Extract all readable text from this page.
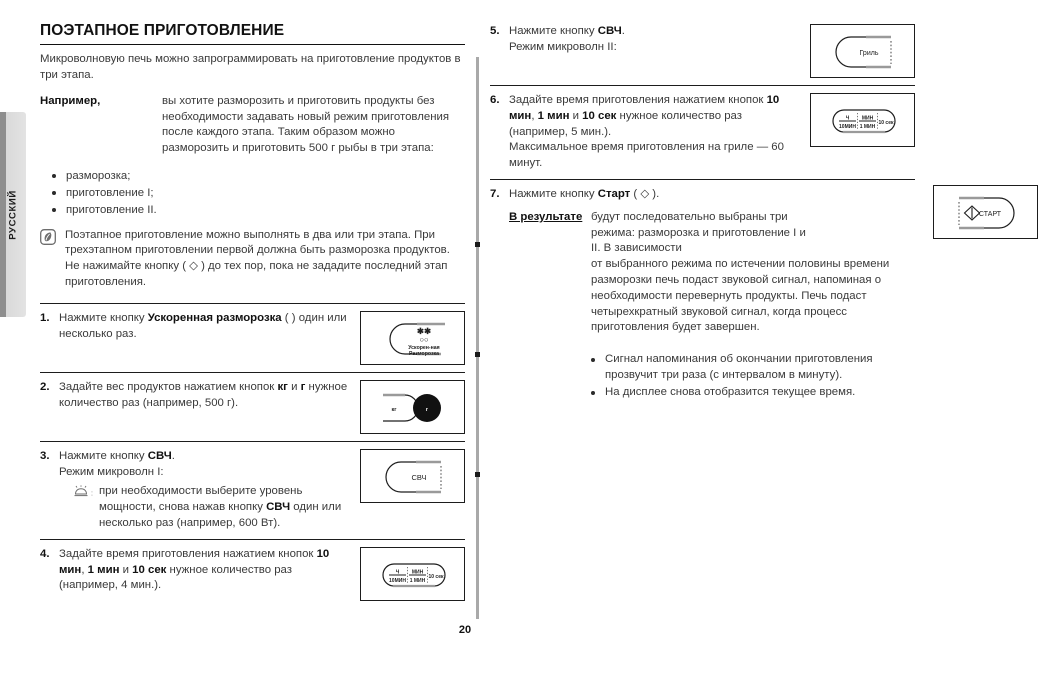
РУССКИЙ
ПОЭТАПНОЕ ПРИГОТОВЛЕНИЕ

Микроволновую печь можно запрограммировать на приготовление продуктов в три этапа.

Например,	вы хотите разморозить и приготовить продукты без необходимости задавать новый режим приготовления после каждого этапа. Таким образом можно разморозить и приготовить 500 г рыбы в три этапа:
разморозка;
приготовление I;
приготовление II.
Поэтапное приготовление можно выполнять в два или три этапа. При трехэтапном приготовлении первой должна быть разморозка продуктов. Не нажимайте кнопку ( ◇ ) до тех пор, пока не зададите последний этап приготовления.
1. Нажмите кнопку Ускоренная разморозка ( ) один или несколько раз.	✱✱
○○
Ускорен-ная
Разморозка
2. Задайте вес продуктов нажатием кнопок кг и г нужное количество раз (например, 500 г).
кг	г
3. Нажмите кнопку СВЧ.
Режим микроволн I:
: при необходимости выберите уровень мощности, снова нажав кнопку СВЧ один или несколько раз (например, 600 Вт).
СВЧ
4. Задайте время приготовления нажатием кнопок 10 мин, 1 мин и 10 сек нужное количество раз (например, 4 мин.).
Ч
10МИН
МИН
1 МИН
10 сек
5. Нажмите кнопку СВЧ.
Режим микроволн II:
Гриль
6. Задайте время приготовления нажатием кнопок 10 мин, 1 мин и 10 сек нужное количество раз (например, 5 мин.).
Максимальное время приготовления на гриле — 60 минут.
Ч
10МИН
МИН
1 МИН
10 сек
7. Нажмите кнопку Старт ( ◇ ).
В результате будут последовательно выбраны три режима: разморозка и приготовление I и II. В зависимости
от выбранного режима по истечении половины времени разморозки печь подаст звуковой сигнал, напоминая о необходимости перевернуть продукты. Печь подаст четырехкратный звуковой сигнал, когда процесс приготовления будет завершен.
Сигнал напоминания об окончании приготовления прозвучит три раза (с интервалом в минуту).
На дисплее снова отобразится текущее время.
СТАРТ
20
